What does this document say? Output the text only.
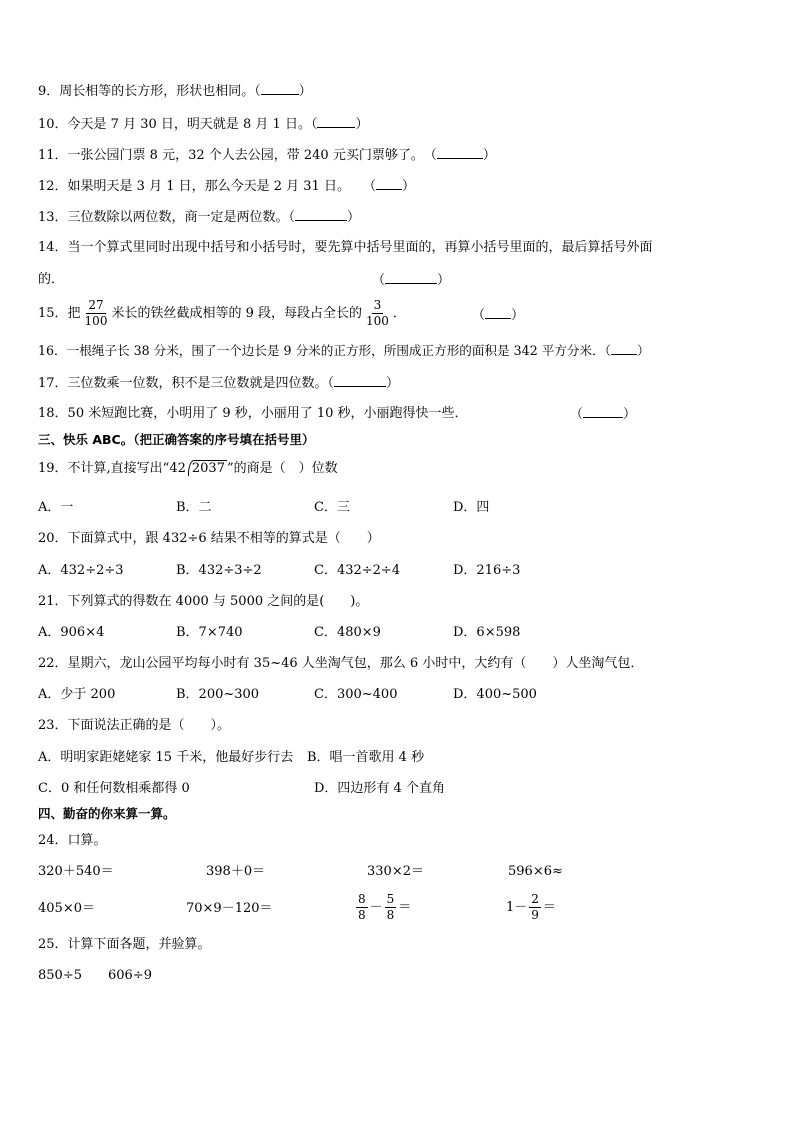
9．周长相等的长方形，形状也相同。（	）
10．今天是 7 月 30 日，明天就是 8 月 1 日。（	）
11．一张公园门票 8 元，32 个人去公园，带 240 元买门票够了。　（	）
12．如果明天是 3 月 1 日，那么今天是 2 月 31 日。　　（ ）
13．三位数除以两位数，商一定是两位数。（	）
14．当一个算式里同时出现中括号和小括号时，要先算中括号里面的，再算小括号里面的，最后算括号外面
的．	（	）
15．把 $\frac{27}{100}$ 米长的铁丝截成相等的 9 段，每段占全长的 $\frac{3}{100}$ ．	（ ）
16．一根绳子长 38 分米，围了一个边长是 9 分米的正方形，所围成正方形的面积是 342 平方分米．（ ）
17．三位数乘一位数，积不是三位数就是四位数。（	）
18．50 米短跑比赛，小明用了 9 秒，小丽用了 10 秒，小丽跑得快一些．	（	）
三、快乐 ABC。（把正确答案的序号填在括号里）
19．不计算,直接写出“42 2037 ”的商是（　）位数
A．一	B．二	C．三	D．四
20．下面算式中，跟 432÷6 结果不相等的算式是（　　）
A．432÷2÷3	B．432÷3÷2	C．432÷2÷4	D．216÷3
21．下列算式的得数在 4000 与 5000 之间的是(　　)。
A．906×4	B．7×740	C．480×9	D．6×598
22．星期六，龙山公园平均每小时有 35~46 人坐淘气包，那么 6 小时中，大约有（　　）人坐淘气包．
A．少于 200	B．200~300	C．300~400	D．400~500
23．下面说法正确的是（　　）。
A．明明家距姥姥家 15 千米，他最好步行去 B．唱一首歌用 4 秒
C．0 和任何数相乘都得 0	D．四边形有 4 个直角
四、勤奋的你来算一算。
24．口算。
320＋540＝	398＋0＝	330×2＝	596×6≈
405×0＝	70×9－120＝	$\frac{8}{8} - \frac{5}{8}$ ＝	$1- \frac{2}{9}$ ＝
25．计算下面各题，并验算。
850÷5 606÷9
